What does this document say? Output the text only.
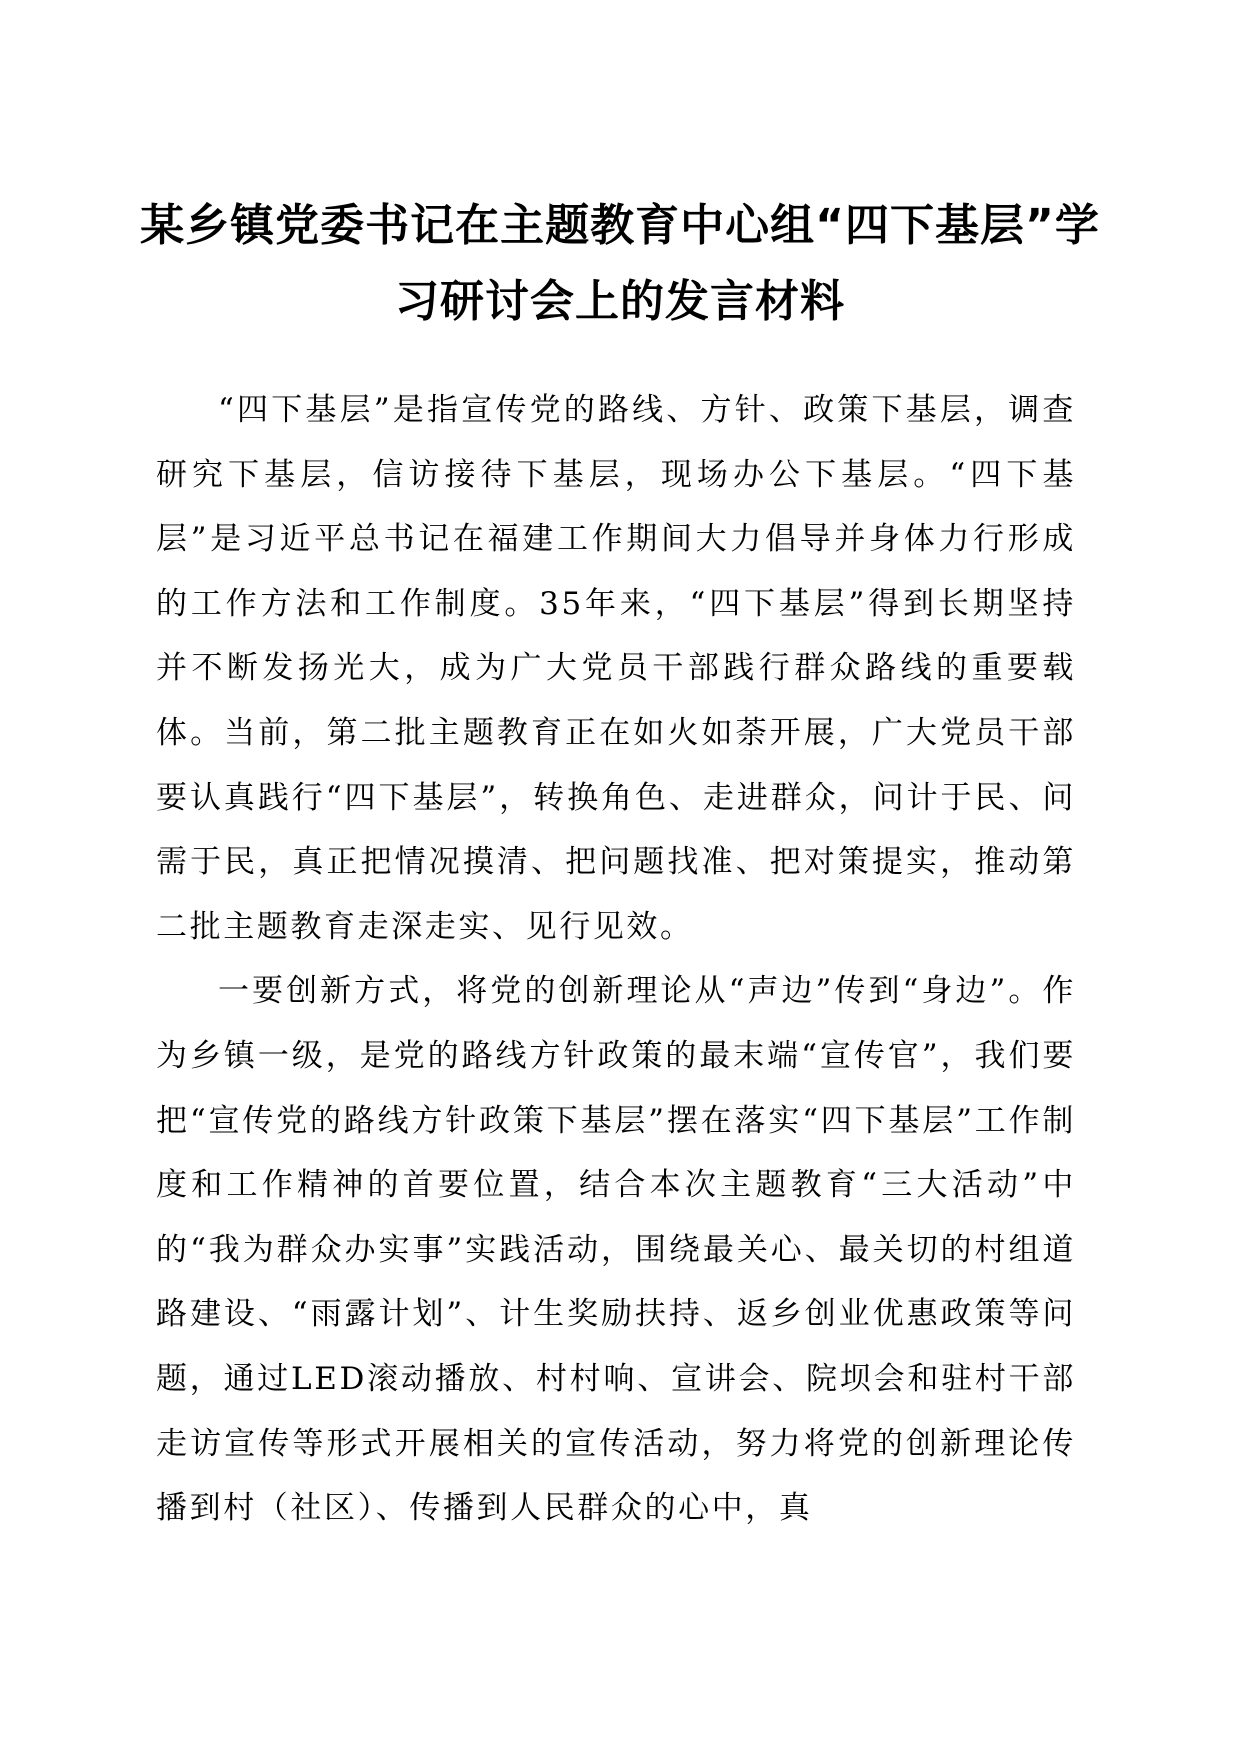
某乡镇党委书记在主题教育中心组“四下基层”学习研讨会上的发言材料

“四下基层”是指宣传党的路线、方针、政策下基层，调查研究下基层，信访接待下基层，现场办公下基层。“四下基层”是习近平总书记在福建工作期间大力倡导并身体力行形成的工作方法和工作制度。35年来，“四下基层”得到长期坚持并不断发扬光大，成为广大党员干部践行群众路线的重要载体。当前，第二批主题教育正在如火如荼开展，广大党员干部要认真践行“四下基层”，转换角色、走进群众，问计于民、问需于民，真正把情况摸清、把问题找准、把对策提实，推动第二批主题教育走深走实、见行见效。

一要创新方式，将党的创新理论从“声边”传到“身边”。作为乡镇一级，是党的路线方针政策的最末端“宣传官”，我们要把“宣传党的路线方针政策下基层”摆在落实“四下基层”工作制度和工作精神的首要位置，结合本次主题教育“三大活动”中的“我为群众办实事”实践活动，围绕最关心、最关切的村组道路建设、“雨露计划”、计生奖励扶持、返乡创业优惠政策等问题，通过LED滚动播放、村村响、宣讲会、院坝会和驻村干部走访宣传等形式开展相关的宣传活动，努力将党的创新理论传播到村（社区）、传播到人民群众的心中，真
